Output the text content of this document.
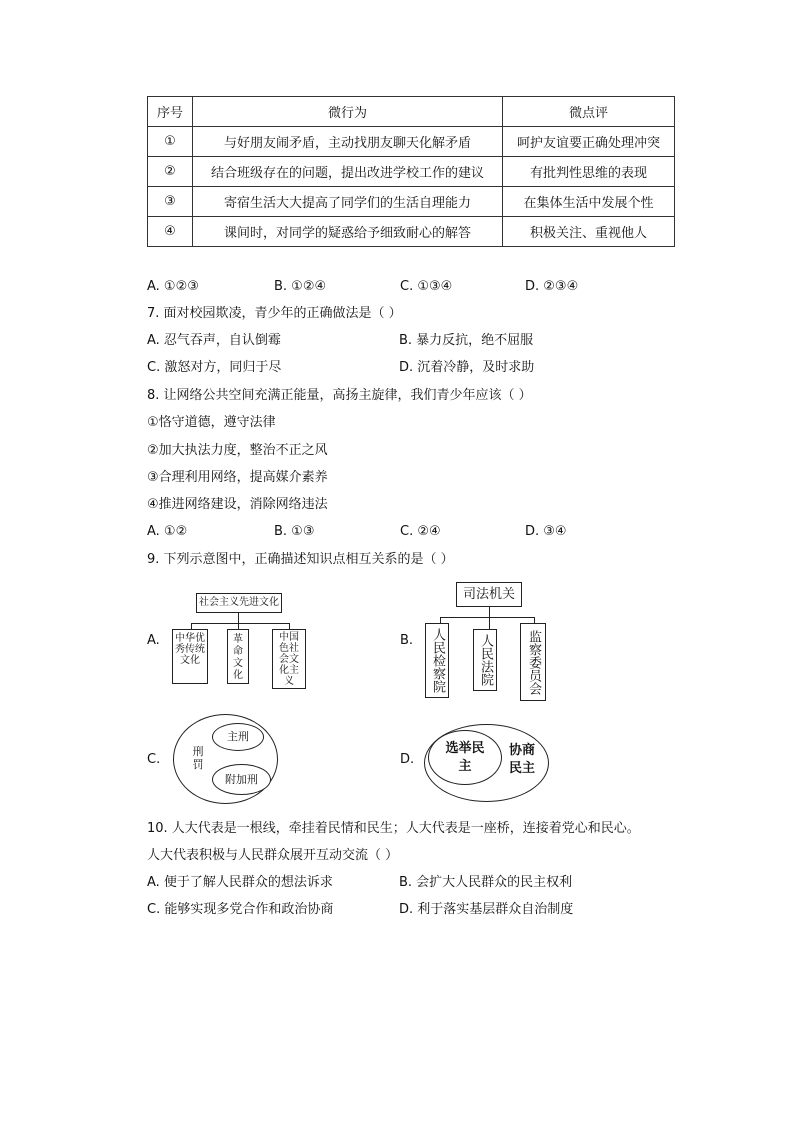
序号	微行为	微点评
①	与好朋友闹矛盾，主动找朋友聊天化解矛盾	呵护友谊要正确处理冲突
②	结合班级存在的问题，提出改进学校工作的建议	有批判性思维的表现
③	寄宿生活大大提高了同学们的生活自理能力	在集体生活中发展个性
④	课间时，对同学的疑惑给予细致耐心的解答	积极关注、重视他人
A. ①②③	B. ①②④	C. ①③④	D. ②③④
7. 面对校园欺凌，青少年的正确做法是（ ）
A. 忍气吞声，自认倒霉	B. 暴力反抗，绝不屈服
C. 激怒对方，同归于尽	D. 沉着冷静，及时求助
8. 让网络公共空间充满正能量，高扬主旋律，我们青少年应该（ ）
①恪守道德，遵守法律
②加大执法力度，整治不正之风
③合理利用网络，提高媒介素养
④推进网络建设，消除网络违法
A. ①②	B. ①③	C. ②④	D. ③④
9. 下列示意图中，正确描述知识点相互关系的是（ ）
A.
社会主义先进文化
中华优秀传统文化
革命文化
中国色社会文化主义
B.
司法机关
人民检察院	人民法院	监察委员会
C.
刑罚
主刑
附加刑
D.
选举民主
协商民主
10. 人大代表是一根线，牵挂着民情和民生；人大代表是一座桥，连接着党心和民心。
人大代表积极与人民群众展开互动交流（ ）
A. 便于了解人民群众的想法诉求	B. 会扩大人民群众的民主权利
C. 能够实现多党合作和政治协商	D. 利于落实基层群众自治制度
